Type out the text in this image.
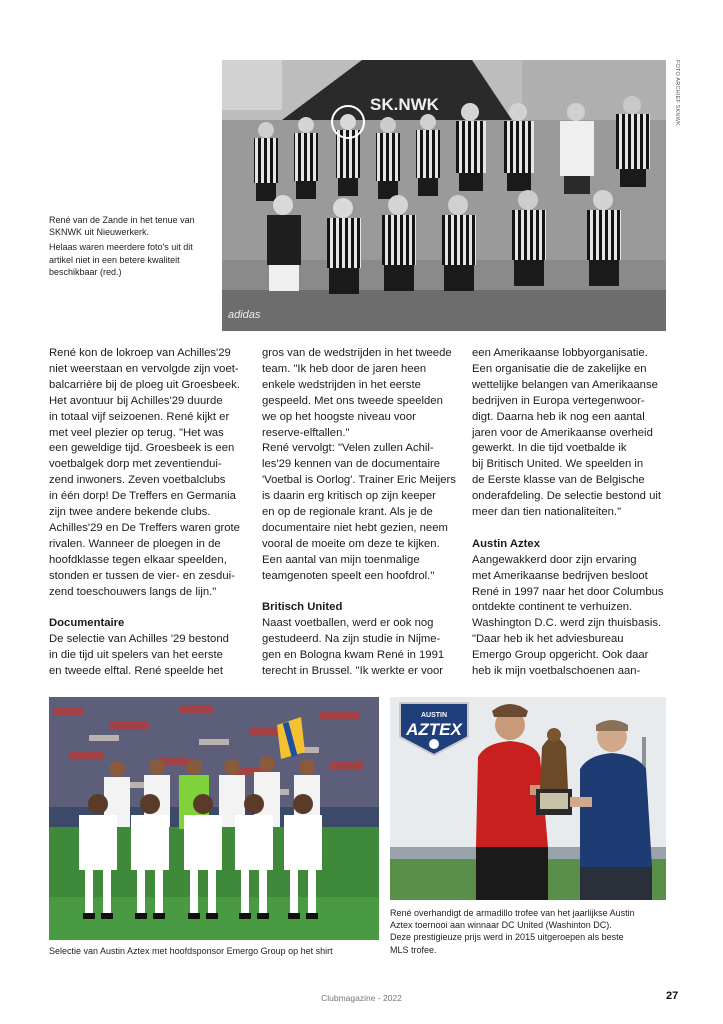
SK.NWK
adidas
FOTO ARCHIEF SKNWK

René van de Zande in het tenue van SKNWK uit Nieuwerkerk.

Helaas waren meerdere foto's uit dit artikel niet in een betere kwaliteit beschikbaar (red.)

René kon de lokroep van Achilles'29
niet weerstaan en vervolgde zijn voet-
balcarrière bij de ploeg uit Groesbeek.
Het avontuur bij Achilles'29 duurde
in totaal vijf seizoenen. René kijkt er
met veel plezier op terug. "Het was
een geweldige tijd. Groesbeek is een
voetbalgek dorp met zeventiendui-
zend inwoners. Zeven voetbalclubs
in één dorp! De Treffers en Germania
zijn twee andere bekende clubs.
Achilles'29 en De Treffers waren grote
rivalen. Wanneer de ploegen in de
hoofdklasse tegen elkaar speelden,
stonden er tussen de vier- en zesdui-
zend toeschouwers langs de lijn."
Documentaire
De selectie van Achilles '29 bestond
in die tijd uit spelers van het eerste
en tweede elftal. René speelde het
gros van de wedstrijden in het tweede
team. "Ik heb door de jaren heen
enkele wedstrijden in het eerste
gespeeld. Met ons tweede speelden
we op het hoogste niveau voor
reserve-elftallen."
René vervolgt: "Velen zullen Achil-
les'29 kennen van de documentaire
'Voetbal is Oorlog'. Trainer Eric Meijers
is daarin erg kritisch op zijn keeper
en op de regionale krant. Als je de
documentaire niet hebt gezien, neem
vooral de moeite om deze te kijken.
Een aantal van mijn toenmalige
teamgenoten speelt een hoofdrol."
Britisch United
Naast voetballen, werd er ook nog
gestudeerd. Na zijn studie in Nijme-
gen en Bologna kwam René in 1991
terecht in Brussel. "Ik werkte er voor
een Amerikaanse lobbyorganisatie.
Een organisatie die de zakelijke en
wettelijke belangen van Amerikaanse
bedrijven in Europa vertegenwoor-
digt. Daarna heb ik nog een aantal
jaren voor de Amerikaanse overheid
gewerkt. In die tijd voetbalde ik
bij Britisch United. We speelden in
de Eerste klasse van de Belgische
onderafdeling. De selectie bestond uit
meer dan tien nationaliteiten."
Austin Aztex
Aangewakkerd door zijn ervaring
met Amerikaanse bedrijven besloot
René in 1997 naar het door Columbus
ontdekte continent te verhuizen.
Washington D.C. werd zijn thuisbasis.
"Daar heb ik het adviesbureau
Emergo Group opgericht. Ook daar
heb ik mijn voetbalschoenen aan-
Selectie van Austin Aztex met hoofdsponsor Emergo Group op het shirt
AUSTIN
AZTEX
René overhandigt de armadillo trofee van het jaarlijkse Austin
Aztex toernooi aan winnaar DC United (Washinton DC).
Deze prestigieuze prijs werd in 2015 uitgeroepen als beste
MLS trofee.
Clubmagazine - 2022	27
